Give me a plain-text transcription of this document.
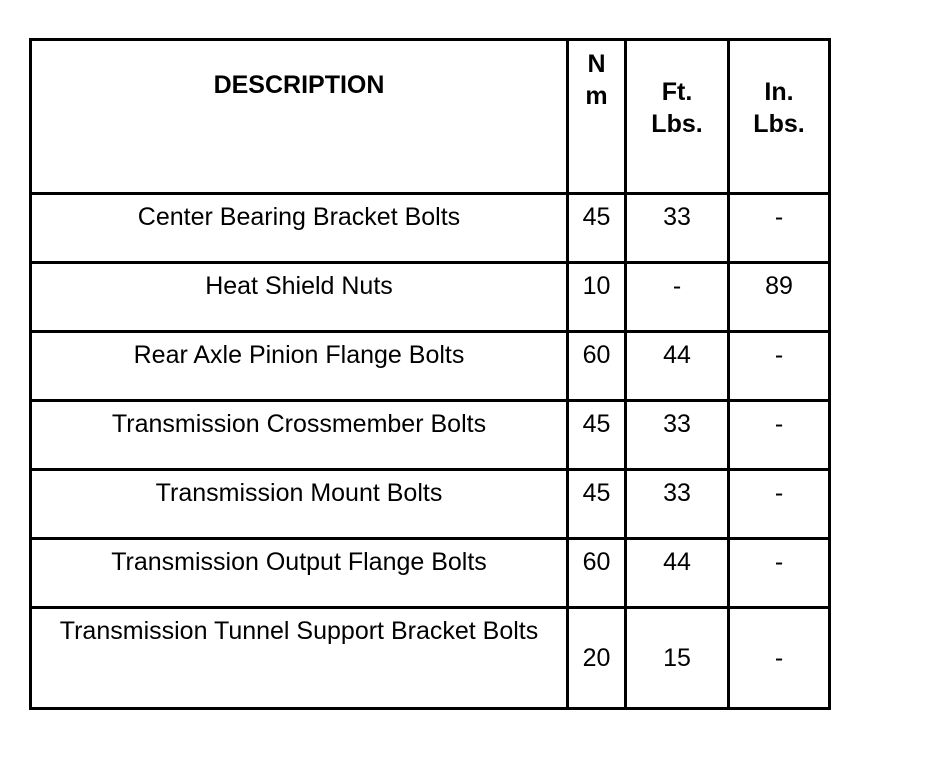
DESCRIPTION	N m	Ft. Lbs.	In. Lbs.
Center Bearing Bracket Bolts	45	33	-
Heat Shield Nuts	10	-	89
Rear Axle Pinion Flange Bolts	60	44	-
Transmission Crossmember Bolts	45	33	-
Transmission Mount Bolts	45	33	-
Transmission Output Flange Bolts	60	44	-
Transmission Tunnel Support Bracket Bolts	20	15	-
